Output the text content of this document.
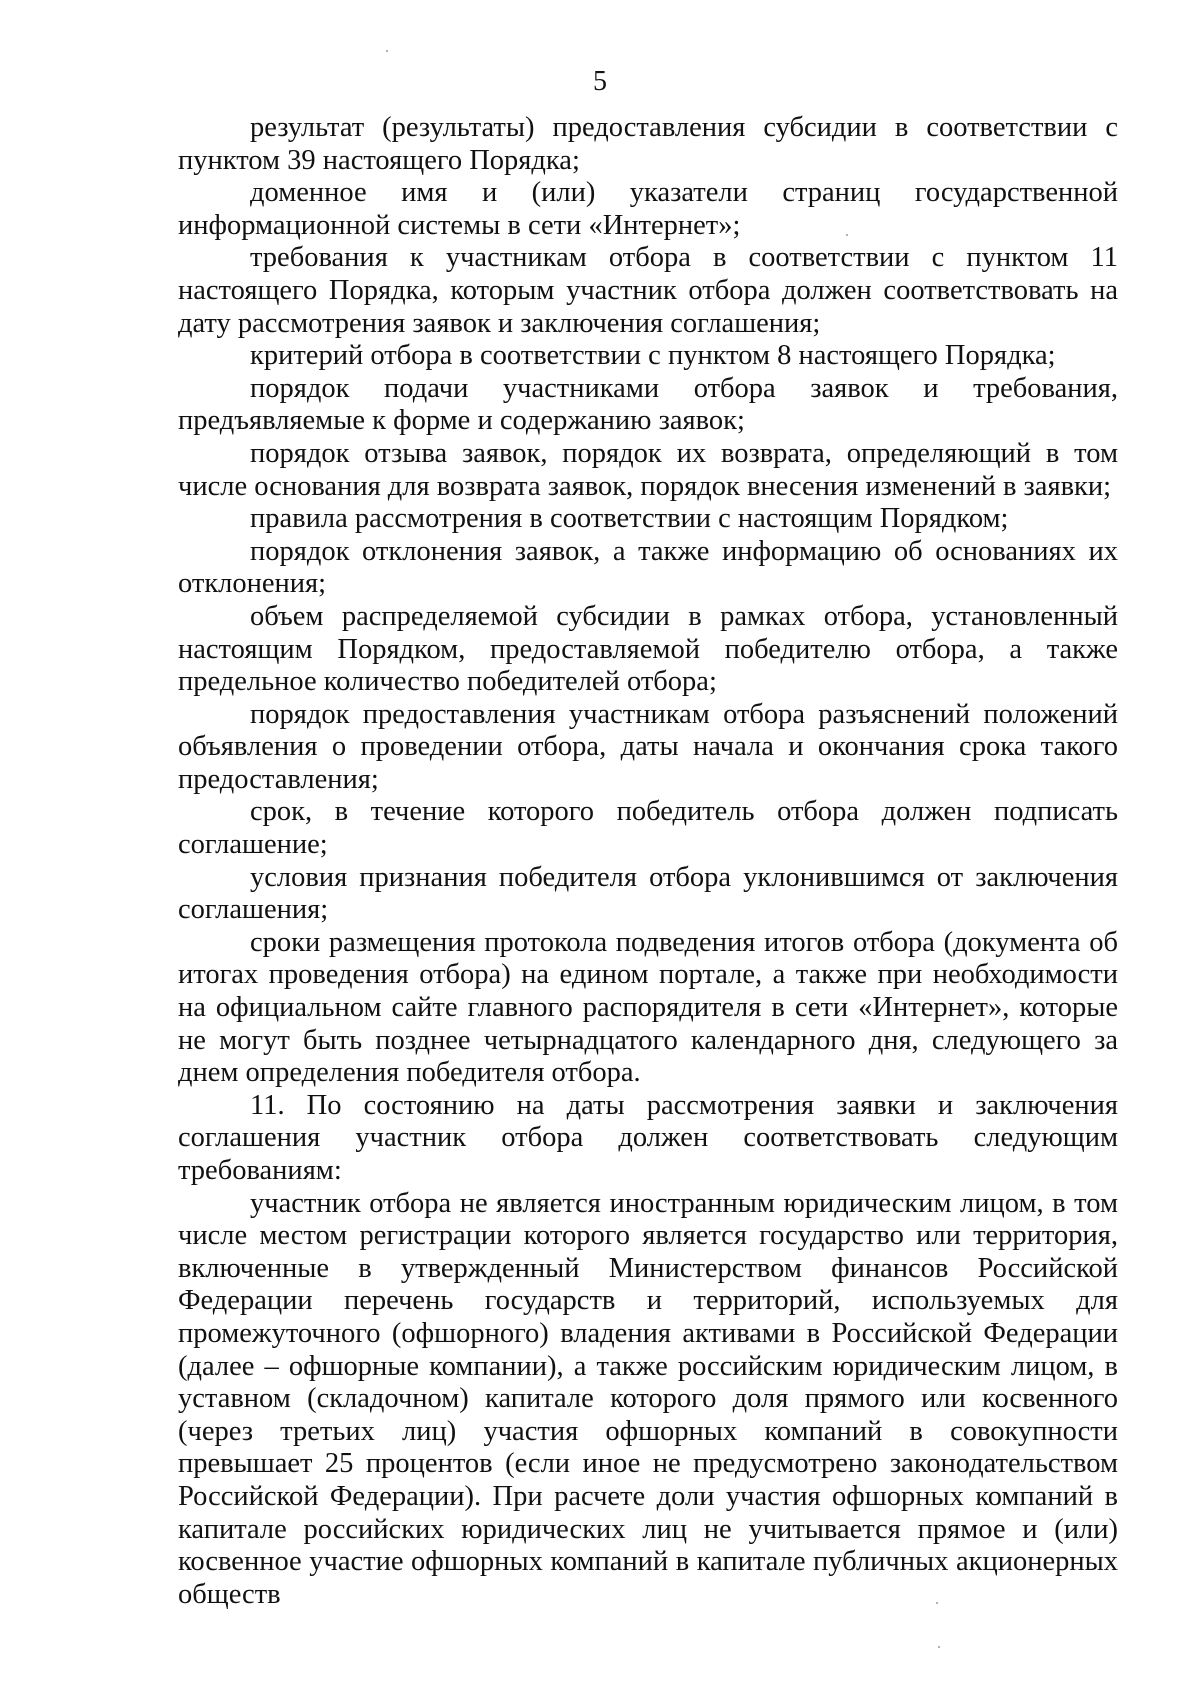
5

результат (результаты) предоставления субсидии в соответствии с пунктом 39 настоящего Порядка;

доменное имя и (или) указатели страниц государственной информационной системы в сети «Интернет»;

требования к участникам отбора в соответствии с пунктом 11 настоящего Порядка, которым участник отбора должен соответствовать на дату рассмотрения заявок и заключения соглашения;

критерий отбора в соответствии с пунктом 8 настоящего Порядка;

порядок подачи участниками отбора заявок и требования, предъявляемые к форме и содержанию заявок;

порядок отзыва заявок, порядок их возврата, определяющий в том числе основания для возврата заявок, порядок внесения изменений в заявки;

правила рассмотрения в соответствии с настоящим Порядком;

порядок отклонения заявок, а также информацию об основаниях их отклонения;

объем распределяемой субсидии в рамках отбора, установленный настоящим Порядком, предоставляемой победителю отбора, а также предельное количество победителей отбора;

порядок предоставления участникам отбора разъяснений положений объявления о проведении отбора, даты начала и окончания срока такого предоставления;

срок, в течение которого победитель отбора должен подписать соглашение;

условия признания победителя отбора уклонившимся от заключения соглашения;

сроки размещения протокола подведения итогов отбора (документа об итогах проведения отбора) на едином портале, а также при необходимости на официальном сайте главного распорядителя в сети «Интернет», которые не могут быть позднее четырнадцатого календарного дня, следующего за днем определения победителя отбора.

11. По состоянию на даты рассмотрения заявки и заключения соглашения участник отбора должен соответствовать следующим требованиям:

участник отбора не является иностранным юридическим лицом, в том числе местом регистрации которого является государство или территория, включенные в утвержденный Министерством финансов Российской Федерации перечень государств и территорий, используемых для промежуточного (офшорного) владения активами в Российской Федерации (далее – офшорные компании), а также российским юридическим лицом, в уставном (складочном) капитале которого доля прямого или косвенного (через третьих лиц) участия офшорных компаний в совокупности превышает 25 процентов (если иное не предусмотрено законодательством Российской Федерации). При расчете доли участия офшорных компаний в капитале российских юридических лиц не учитывается прямое и (или) косвенное участие офшорных компаний в капитале публичных акционерных обществ
